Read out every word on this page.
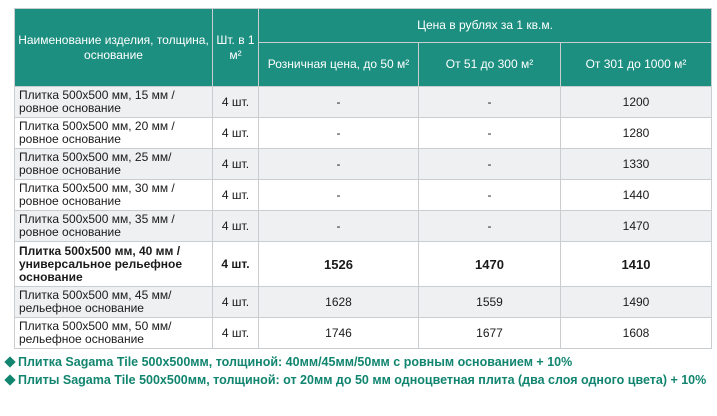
Наименование изделия, толщина, основание	Шт. в 1 м²	Цена в рублях за 1 кв.м.		
		Розничная цена, до 50 м²	От 51 до 300 м²	От 301 до 1000 м²
Плитка 500х500 мм, 15 мм / ровное основание	4 шт.	-	-	1200
Плитка 500х500 мм, 20 мм / ровное основание	4 шт.	-	-	1280
Плитка 500х500 мм, 25 мм/ ровное основание	4 шт.	-	-	1330
Плитка 500х500 мм, 30 мм / ровное основание	4 шт.	-	-	1440
Плитка 500х500 мм, 35 мм / ровное основание	4 шт.	-	-	1470
Плитка 500х500 мм, 40 мм / универсальное рельефное основание	4 шт.	1526	1470	1410
Плитка 500х500 мм, 45 мм/ рельефное основание	4 шт.	1628	1559	1490
Плитка 500х500 мм, 50 мм/ рельефное основание	4 шт.	1746	1677	1608
Плитка Sagama Tile 500х500мм, толщиной: 40мм/45мм/50мм с ровным основанием + 10%
Плиты Sagama Tile 500х500мм, толщиной: от 20мм до 50 мм одноцветная плита (два слоя одного цвета) + 10%
